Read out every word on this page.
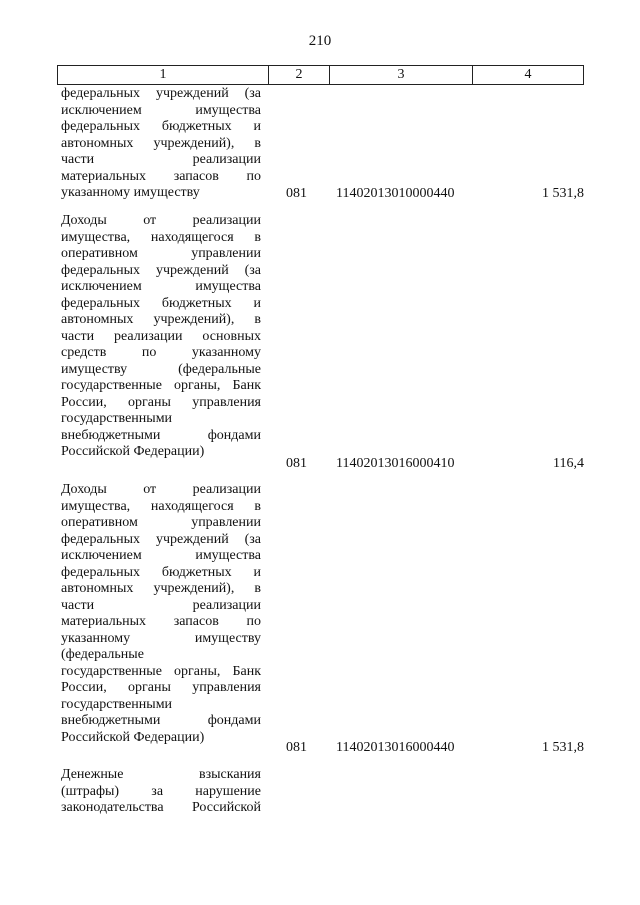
210
1	2	3	4
федеральных учреждений (за
исключением имущества
федеральных бюджетных и
автономных учреждений), в
части реализации
материальных запасов по
указанному имуществу	081 11402013010000440	1 531,8
Доходы от реализации
имущества, находящегося в
оперативном управлении
федеральных учреждений (за
исключением имущества
федеральных бюджетных и
автономных учреждений), в
части реализации основных
средств по указанному
имуществу (федеральные
государственные органы, Банк
России, органы управления
государственными
внебюджетными фондами
Российской Федерации)
081 11402013016000410	116,4
Доходы от реализации
имущества, находящегося в
оперативном управлении
федеральных учреждений (за
исключением имущества
федеральных бюджетных и
автономных учреждений), в
части реализации
материальных запасов по
указанному имуществу
(федеральные
государственные органы, Банк
России, органы управления
государственными
внебюджетными фондами
Российской Федерации)
081 11402013016000440	1 531,8
Денежные взыскания
(штрафы) за нарушение
законодательства Российской
